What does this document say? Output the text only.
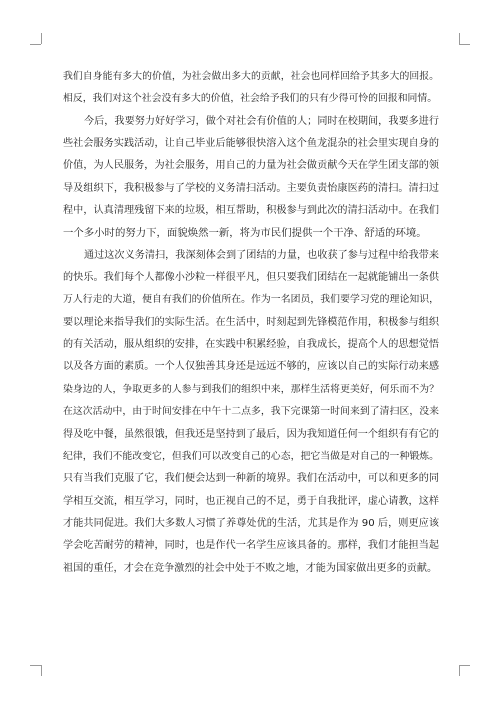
我们自身能有多大的价值，为社会做出多大的贡献，社会也同样回给予其多大的回报。
相反，我们对这个社会没有多大的价值，社会给予我们的只有少得可怜的回报和同情。
今后，我要努力好好学习，做个对社会有价值的人；同时在校期间，我要多进行
些社会服务实践活动，让自己毕业后能够很快溶入这个鱼龙混杂的社会里实现自身的
价值，为人民服务，为社会服务，用自己的力量为社会做贡献今天在学生团支部的领
导及组织下，我积极参与了学校的义务清扫活动。主要负责怡康医药的清扫。清扫过
程中，认真清理残留下来的垃圾，相互帮助，积极参与到此次的清扫活动中。在我们
一个多小时的努力下，面貌焕然一新，将为市民们提供一个干净、舒适的环境。
通过这次义务清扫，我深刻体会到了团结的力量，也收获了参与过程中给我带来
的快乐。我们每个人都像小沙粒一样很平凡，但只要我们团结在一起就能铺出一条供
万人行走的大道，便自有我们的价值所在。作为一名团员，我们要学习党的理论知识，
要以理论来指导我们的实际生活。在生活中，时刻起到先锋模范作用，积极参与组织
的有关活动，服从组织的安排，在实践中积累经验，自我成长，提高个人的思想觉悟
以及各方面的素质。一个人仅独善其身还是远远不够的，应该以自己的实际行动来感
染身边的人，争取更多的人参与到我们的组织中来，那样生活将更美好，何乐而不为？
在这次活动中，由于时间安排在中午十二点多，我下完课第一时间来到了清扫区，没来
得及吃中餐，虽然很饿，但我还是坚持到了最后，因为我知道任何一个组织有有它的
纪律，我们不能改变它，但我们可以改变自己的心态，把它当做是对自己的一种锻炼。
只有当我们克服了它，我们便会达到一种新的境界。我们在活动中，可以和更多的同
学相互交流，相互学习，同时，也正视自己的不足，勇于自我批评，虚心请教，这样
才能共同促进。我们大多数人习惯了养尊处优的生活，尤其是作为 90 后，则更应该
学会吃苦耐劳的精神，同时，也是作代一名学生应该具备的。那样，我们才能担当起
祖国的重任，才会在竞争激烈的社会中处于不败之地，才能为国家做出更多的贡献。
